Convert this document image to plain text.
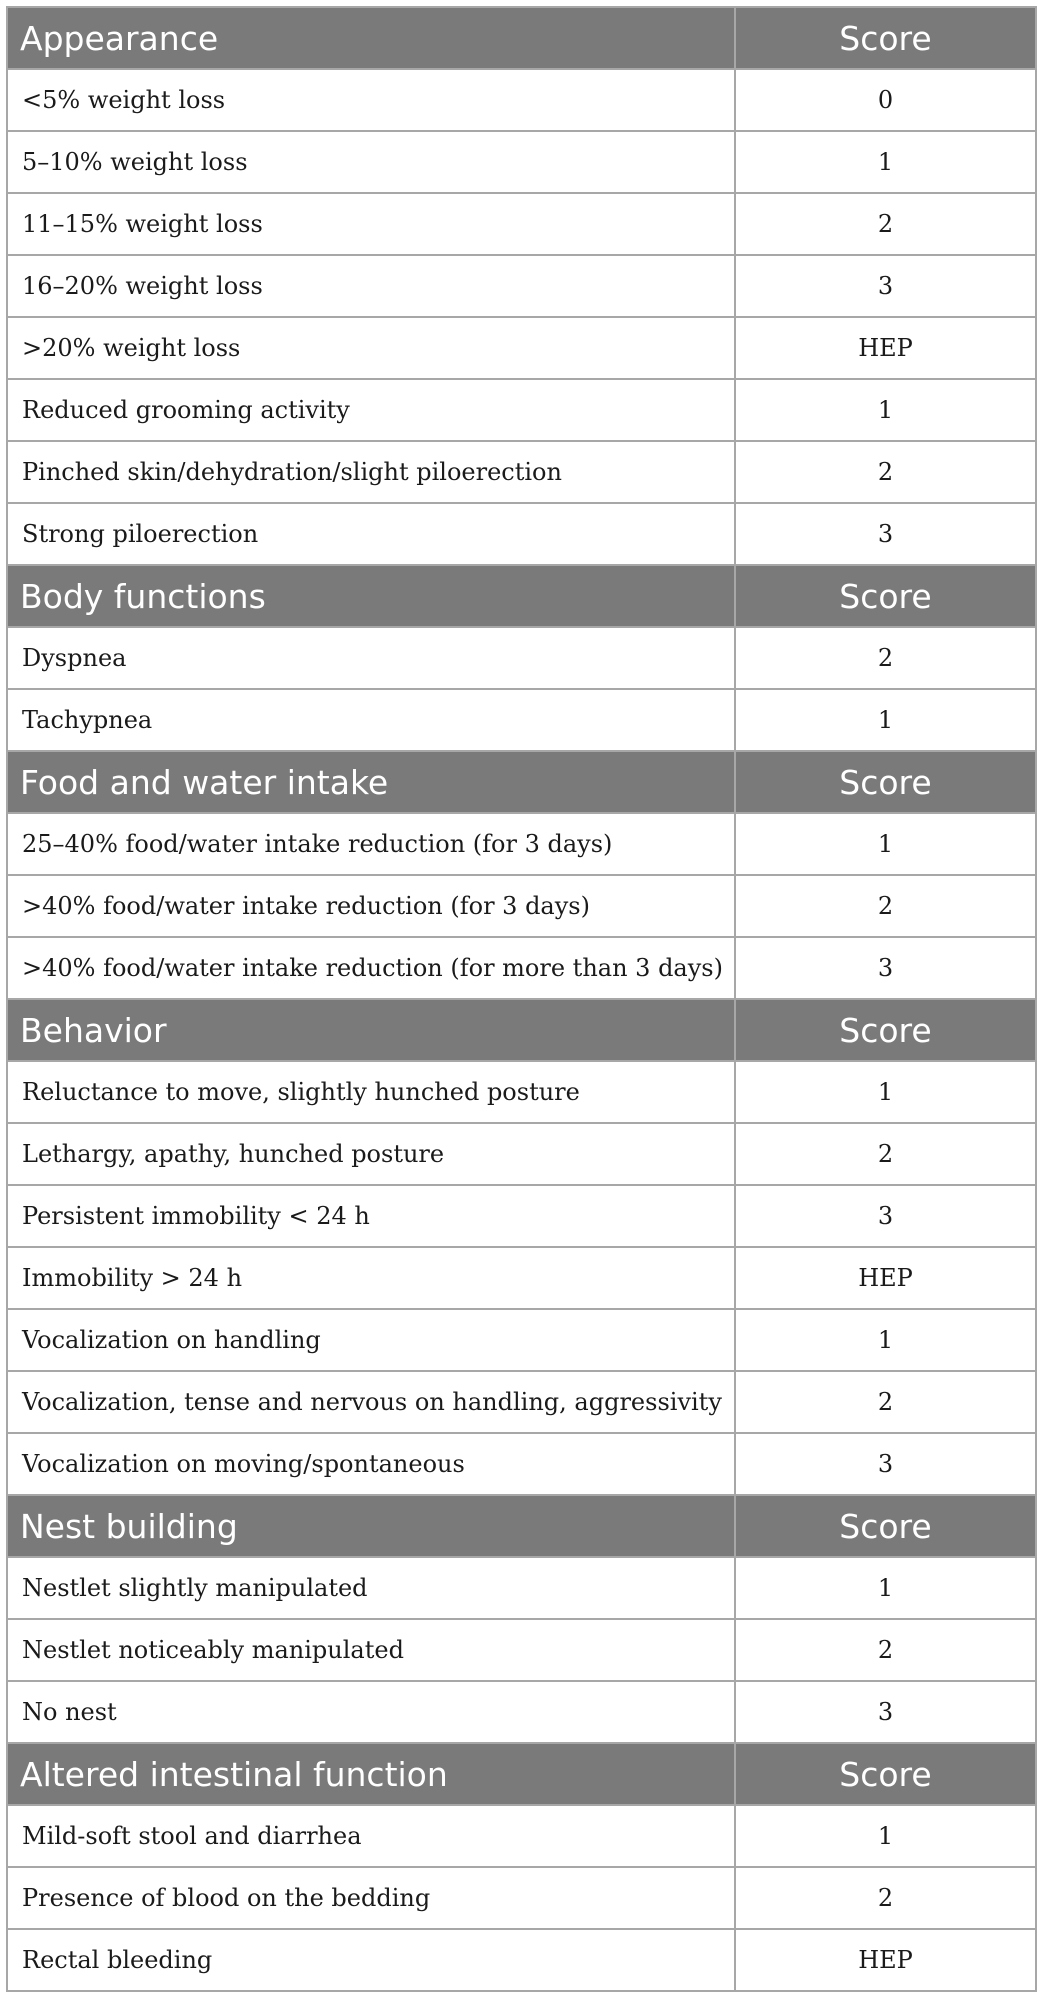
Appearance	Score
<5% weight loss	0
5–10% weight loss	1
11–15% weight loss	2
16–20% weight loss	3
>20% weight loss	HEP
Reduced grooming activity	1
Pinched skin/dehydration/slight piloerection	2
Strong piloerection	3
Body functions	Score
Dyspnea	2
Tachypnea	1
Food and water intake	Score
25–40% food/water intake reduction (for 3 days)	1
>40% food/water intake reduction (for 3 days)	2
>40% food/water intake reduction (for more than 3 days)	3
Behavior	Score
Reluctance to move, slightly hunched posture	1
Lethargy, apathy, hunched posture	2
Persistent immobility < 24 h	3
Immobility > 24 h	HEP
Vocalization on handling	1
Vocalization, tense and nervous on handling, aggressivity	2
Vocalization on moving/spontaneous	3
Nest building	Score
Nestlet slightly manipulated	1
Nestlet noticeably manipulated	2
No nest	3
Altered intestinal function	Score
Mild-soft stool and diarrhea	1
Presence of blood on the bedding	2
Rectal bleeding	HEP
